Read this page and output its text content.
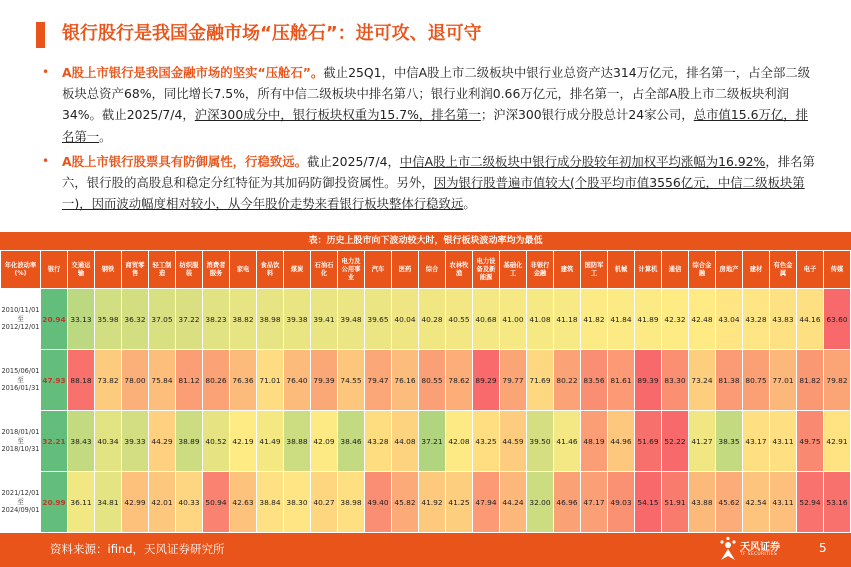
银行股行是我国金融市场“压舱石”：进可攻、退可守
• A股上市银行是我国金融市场的坚实“压舱石”。截止25Q1，中信A股上市二级板块中银行业总资产达314万亿元，排名第一，占全部二级板块总资产68%，同比增长7.5%，所有中信二级板块中排名第八；银行业利润0.66万亿元，排名第一，占全部A股上市二级板块利润34%。截止2025/7/4，沪深300成分中，银行板块权重为15.7%，排名第一；沪深300银行成分股总计24家公司，总市值15.6万亿，排名第一。
• A股上市银行股票具有防御属性，行稳致远。截止2025/7/4，中信A股上市二级板块中银行成分股较年初加权平均涨幅为16.92%，排名第六，银行股的高股息和稳定分红特征为其加码防御投资属性。另外，因为银行股普遍市值较大(个股平均市值3556亿元，中信二级板块第一)，因而波动幅度相对较小，从今年股价走势来看银行板块整体行稳致远。
表：历史上股市向下波动较大时，银行板块波动率均为最低
年化波动率(%)	银行	交通运输	钢铁	商贸零售	轻工制造	纺织服装	消费者服务	家电	食品饮料	煤炭	石油石化	电力及公用事业	汽车	医药	综合	农林牧渔	电力设备及新能源	基础化工	非银行金融	建筑	国防军工	机械	计算机	通信	综合金融	房地产	建材	有色金属	电子	传媒
2010/11/01
至
2012/12/01	20.94	33.13	35.98	36.32	37.05	37.22	38.23	38.82	38.98	39.38	39.41	39.48	39.65	40.04	40.28	40.55	40.68	41.00	41.08	41.18	41.82	41.84	41.89	42.32	42.48	43.04	43.28	43.83	44.16	63.60
2015/06/01
至
2016/01/31	47.93	88.18	73.82	78.00	75.84	81.12	80.26	76.36	71.01	76.40	79.39	74.55	79.47	76.16	80.55	78.62	89.29	79.77	71.69	80.22	83.56	81.61	89.39	83.30	73.24	81.38	80.75	77.01	81.82	79.82
2018/01/01
至
2018/10/31	32.21	38.43	40.34	39.33	44.29	38.89	40.52	42.19	41.49	38.88	42.09	38.46	43.28	44.08	37.21	42.08	43.25	44.59	39.50	41.46	48.19	44.96	51.69	52.22	41.27	38.35	43.17	43.11	49.75	42.91
2021/12/01
至
2024/09/01	20.99	36.11	34.81	42.99	42.01	40.33	50.94	42.63	38.84	38.30	40.27	38.98	49.40	45.82	41.92	41.25	47.94	44.24	32.00	46.96	47.17	49.03	54.15	51.91	43.88	45.62	42.54	43.11	52.94	53.16
资料来源：ifind，天风证券研究所	天风证券
TF SECURITIES	5
